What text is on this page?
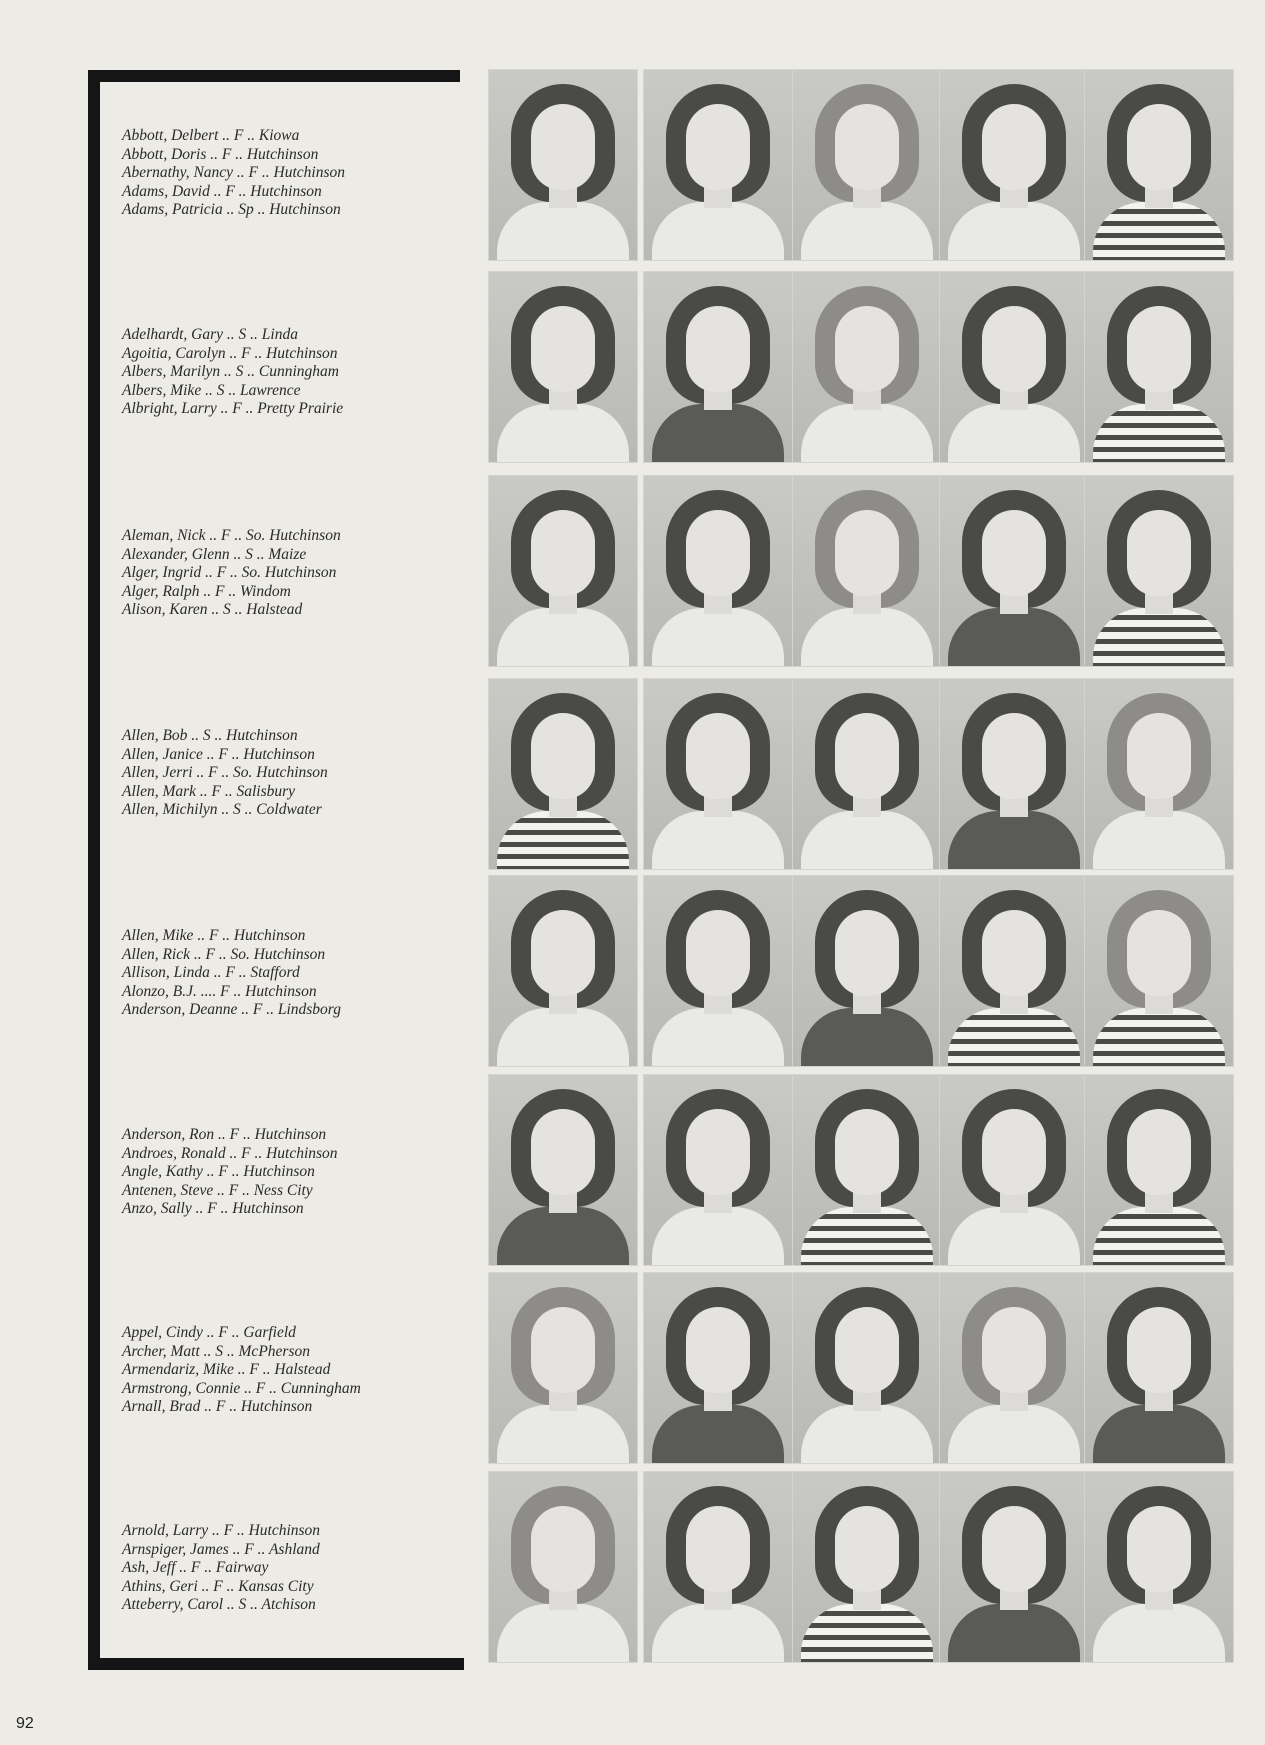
Abbott, Delbert .. F .. Kiowa
Abbott, Doris .. F .. Hutchinson
Abernathy, Nancy .. F .. Hutchinson
Adams, David .. F .. Hutchinson
Adams, Patricia .. Sp .. Hutchinson
Adelhardt, Gary .. S .. Linda
Agoitia, Carolyn .. F .. Hutchinson
Albers, Marilyn .. S .. Cunningham
Albers, Mike .. S .. Lawrence
Albright, Larry .. F .. Pretty Prairie
Aleman, Nick .. F .. So. Hutchinson
Alexander, Glenn .. S .. Maize
Alger, Ingrid .. F .. So. Hutchinson
Alger, Ralph .. F .. Windom
Alison, Karen .. S .. Halstead
Allen, Bob .. S .. Hutchinson
Allen, Janice .. F .. Hutchinson
Allen, Jerri .. F .. So. Hutchinson
Allen, Mark .. F .. Salisbury
Allen, Michilyn .. S .. Coldwater
Allen, Mike .. F .. Hutchinson
Allen, Rick .. F .. So. Hutchinson
Allison, Linda .. F .. Stafford
Alonzo, B.J. .... F .. Hutchinson
Anderson, Deanne .. F .. Lindsborg
Anderson, Ron .. F .. Hutchinson
Androes, Ronald .. F .. Hutchinson
Angle, Kathy .. F .. Hutchinson
Antenen, Steve .. F .. Ness City
Anzo, Sally .. F .. Hutchinson
Appel, Cindy .. F .. Garfield
Archer, Matt .. S .. McPherson
Armendariz, Mike .. F .. Halstead
Armstrong, Connie .. F .. Cunningham
Arnall, Brad .. F .. Hutchinson
Arnold, Larry .. F .. Hutchinson
Arnspiger, James .. F .. Ashland
Ash, Jeff .. F .. Fairway
Athins, Geri .. F .. Kansas City
Atteberry, Carol .. S .. Atchison
92
